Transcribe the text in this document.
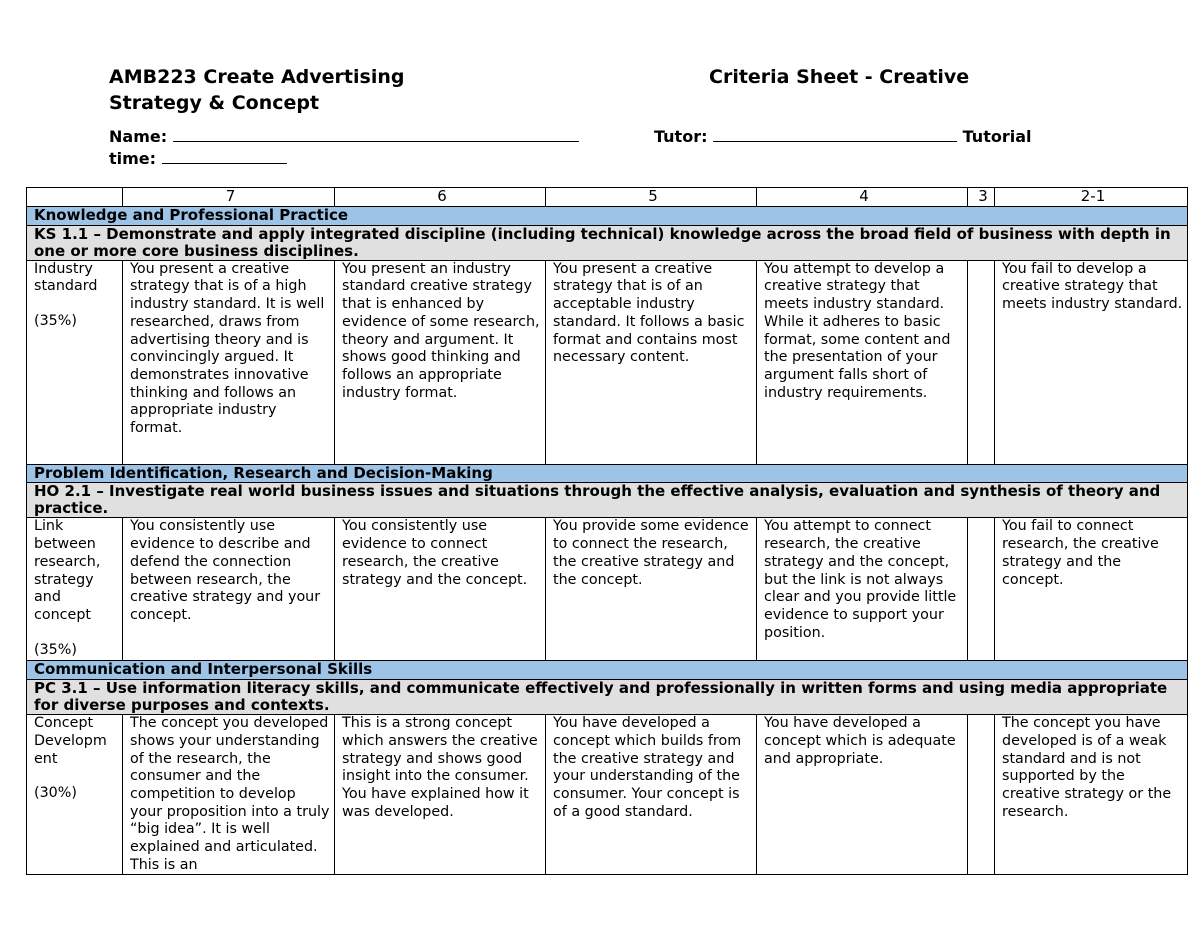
AMB223 Create Advertising
Strategy & Concept
Criteria Sheet - Creative
Name:	Tutor:	Tutorial
time:
	7	6	5	4	3	2-1
Knowledge and Professional Practice						
KS 1.1 – Demonstrate and apply integrated discipline (including technical) knowledge across the broad field of business with depth in one or more core business disciplines.						

Industry standard
(35%)	You present a creative strategy that is of a high industry standard. It is well researched, draws from advertising theory and is convincingly argued. It demonstrates innovative thinking and follows an appropriate industry format.	You present an industry standard creative strategy that is enhanced by evidence of some research, theory and argument. It shows good thinking and follows an appropriate industry format.	You present a creative strategy that is of an acceptable industry standard. It follows a basic format and contains most necessary content.	You attempt to develop a creative strategy that meets industry standard. While it adheres to basic format, some content and the presentation of your argument falls short of industry requirements.		You fail to develop a creative strategy that meets industry standard.
Problem Identification, Research and Decision-Making						
HO 2.1 – Investigate real world business issues and situations through the effective analysis, evaluation and synthesis of theory and practice.						

Link between research, strategy and concept
(35%)	You consistently use evidence to describe and defend the connection between research, the creative strategy and your concept.	You consistently use evidence to connect research, the creative strategy and the concept.	You provide some evidence to connect the research, the creative strategy and the concept.	You attempt to connect research, the creative strategy and the concept, but the link is not always clear and you provide little evidence to support your position.		You fail to connect research, the creative strategy and the concept.
Communication and Interpersonal Skills						
PC 3.1 – Use information literacy skills, and communicate effectively and professionally in written forms and using media appropriate for diverse purposes and contexts.						

Concept Developm ent
(30%)	The concept you developed shows your understanding of the research, the consumer and the competition to develop your proposition into a truly “big idea”. It is well explained and articulated. This is an	This is a strong concept which answers the creative strategy and shows good insight into the consumer. You have explained how it was developed.	You have developed a concept which builds from the creative strategy and your understanding of the consumer. Your concept is of a good standard.	You have developed a concept which is adequate and appropriate.		The concept you have developed is of a weak standard and is not supported by the creative strategy or the research.
